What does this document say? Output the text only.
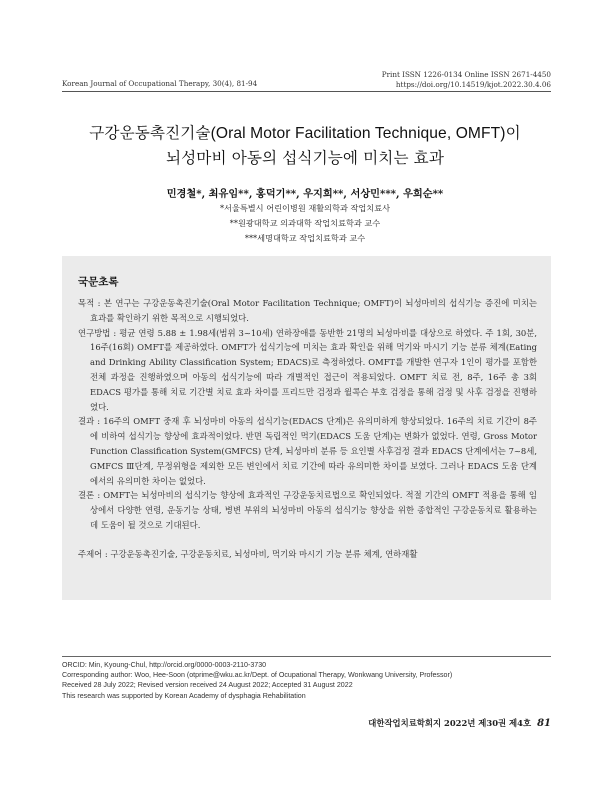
Korean Journal of Occupational Therapy, 30(4), 81-94
Print ISSN 1226-0134 Online ISSN 2671-4450
https://doi.org/10.14519/kjot.2022.30.4.06
구강운동촉진기술(Oral Motor Facilitation Technique, OMFT)이
뇌성마비 아동의 섭식기능에 미치는 효과
민경철*, 최유임**, 홍덕기**, 우지희**, 서상민***, 우희순**
*서울특별시 어린이병원 재활의학과 작업치료사
**원광대학교 의과대학 작업치료학과 교수
***세명대학교 작업치료학과 교수
국문초록

목적 : 본 연구는 구강운동촉진기술(Oral Motor Facilitation Technique; OMFT)이 뇌성마비의 섭식기능 증진에 미치는 효과를 확인하기 위한 목적으로 시행되었다.

연구방법 : 평균 연령 5.88 ± 1.98세(범위 3~10세) 연하장애를 동반한 21명의 뇌성마비를 대상으로 하였다. 주 1회, 30분, 16주(16회) OMFT를 제공하였다. OMFT가 섭식기능에 미치는 효과 확인을 위해 먹기와 마시기 기능 분류 체계(Eating and Drinking Ability Classification System; EDACS)로 측정하였다. OMFT를 개발한 연구자 1인이 평가를 포함한 전체 과정을 진행하였으며 아동의 섭식기능에 따라 개별적인 접근이 적용되었다. OMFT 치료 전, 8주, 16주 총 3회 EDACS 평가를 통해 치료 기간별 치료 효과 차이를 프리드만 검정과 윌콕슨 부호 검정을 통해 검정 및 사후 검정을 진행하였다.

결과 : 16주의 OMFT 중재 후 뇌성마비 아동의 섭식기능(EDACS 단계)은 유의미하게 향상되었다. 16주의 치료 기간이 8주에 비하여 섭식기능 향상에 효과적이었다. 반면 독립적인 먹기(EDACS 도움 단계)는 변화가 없었다. 연령, Gross Motor Function Classification System(GMFCS) 단계, 뇌성마비 분류 등 요인별 사후검정 결과 EDACS 단계에서는 7~8세, GMFCS Ⅲ단계, 무정위형을 제외한 모든 변인에서 치료 기간에 따라 유의미한 차이를 보였다. 그러나 EDACS 도움 단계에서의 유의미한 차이는 없었다.

결론 : OMFT는 뇌성마비의 섭식기능 향상에 효과적인 구강운동치료법으로 확인되었다. 적절 기간의 OMFT 적용을 통해 임상에서 다양한 연령, 운동기능 상태, 병변 부위의 뇌성마비 아동의 섭식기능 향상을 위한 종합적인 구강운동치료 활용하는데 도움이 될 것으로 기대된다.

주제어 : 구강운동촉진기술, 구강운동치료, 뇌성마비, 먹기와 마시기 기능 분류 체계, 연하재활
ORCID: Min, Kyoung-Chul, http://orcid.org/0000-0003-2110-3730
Corresponding author: Woo, Hee-Soon (otprime@wku.ac.kr/Dept. of Ocupational Therapy, Wonkwang University, Professor)
Received 28 July 2022; Revised version received 24 August 2022; Accepted 31 August 2022
This research was supported by Korean Academy of dysphagia Rehabilitation
대한작업치료학회지 2022년 제30권 제4호 81
